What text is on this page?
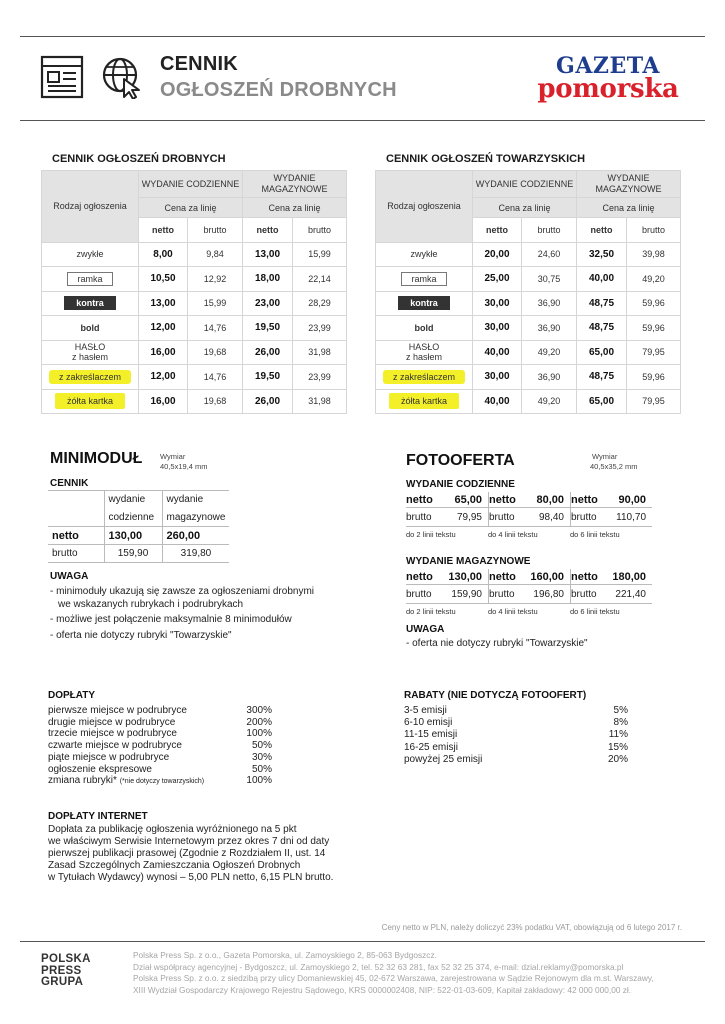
CENNIK
OGŁOSZEŃ DROBNYCH
GAZETA
pomorska
CENNIK OGŁOSZEŃ DROBNYCH
Rodzaj ogłoszenia	WYDANIE CODZIENNE		WYDANIE MAGAZYNOWE	
	Cena za linię		Cena za linię	
	netto	brutto	netto	brutto
zwykłe	8,00	9,84	13,00	15,99
ramka	10,50	12,92	18,00	22,14
kontra	13,00	15,99	23,00	28,29
bold	12,00	14,76	19,50	23,99

HASŁO
z hasłem	16,00	19,68	26,00	31,98
z zakreślaczem	12,00	14,76	19,50	23,99
żółta kartka	16,00	19,68	26,00	31,98
CENNIK OGŁOSZEŃ TOWARZYSKICH
Rodzaj ogłoszenia	WYDANIE CODZIENNE		WYDANIE MAGAZYNOWE	
	Cena za linię		Cena za linię	
	netto	brutto	netto	brutto
zwykłe	20,00	24,60	32,50	39,98
ramka	25,00	30,75	40,00	49,20
kontra	30,00	36,90	48,75	59,96
bold	30,00	36,90	48,75	59,96

HASŁO
z hasłem	40,00	49,20	65,00	79,95
z zakreślaczem	30,00	36,90	48,75	59,96
żółta kartka	40,00	49,20	65,00	79,95
MINIMODUŁ Wymiar
40,5x19,4 mm
CENNIK
	wydanie	wydanie
	codzienne	magazynowe
netto	130,00	260,00
brutto	159,90	319,80
UWAGA
- minimoduły ukazują się zawsze za ogłoszeniami drobnymi
we wskazanych rubrykach i podrubrykach
- możliwe jest połączenie maksymalnie 8 minimodułów
- oferta nie dotyczy rubryki "Towarzyskie"
FOTOOFERTA	Wymiar
40,5x35,2 mm
WYDANIE CODZIENNE
netto 65,00
brutto	79,95
do 2 linii tekstu
netto 80,00
brutto 98,40
do 4 linii tekstu
netto 90,00
brutto 110,70
do 6 linii tekstu
WYDANIE MAGAZYNOWE
netto 130,00
brutto 159,90
do 2 linii tekstu
netto 160,00
brutto 196,80
do 4 linii tekstu
netto 180,00
brutto 221,40
do 6 linii tekstu
UWAGA
- oferta nie dotyczy rubryki "Towarzyskie"
DOPŁATY
pierwsze miejsce w podrubryce	300%
drugie miejsce w podrubryce	200%
trzecie miejsce w podrubryce	100%
czwarte miejsce w podrubryce	50%
piąte miejsce w podrubryce	30%
ogłoszenie ekspresowe	50%
zmiana rubryki* (*nie dotyczy towarzyskich)	100%
RABATY (NIE DOTYCZĄ FOTOOFERT)
3-5 emisji	5%
6-10 emisji	8%
11-15 emisji	11%
16-25 emisji	15%
powyżej 25 emisji	20%
DOPŁATY INTERNET
Dopłata za publikację ogłoszenia wyróżnionego na 5 pkt
we właściwym Serwisie Internetowym przez okres 7 dni od daty
pierwszej publikacji prasowej (Zgodnie z Rozdziałem II, ust. 14
Zasad Szczególnych Zamieszczania Ogłoszeń Drobnych
w Tytułach Wydawcy) wynosi – 5,00 PLN netto, 6,15 PLN brutto.
Ceny netto w PLN, należy doliczyć 23% podatku VAT, obowiązują od 6 lutego 2017 r.
POLSKA
PRESS
GRUPA
Polska Press Sp. z o.o., Gazeta Pomorska, ul. Zamoyskiego 2, 85-063 Bydgoszcz.
Dział współpracy agencyjnej - Bydgoszcz, ul. Zamoyskiego 2, tel. 52 32 63 281, fax 52 32 25 374, e-mail: dzial.reklamy@pomorska.pl
Polska Press Sp. z o.o. z siedzibą przy ulicy Domaniewskiej 45, 02-672 Warszawa, zarejestrowana w Sądzie Rejonowym dla m.st. Warszawy,
XIII Wydział Gospodarczy Krajowego Rejestru Sądowego, KRS 0000002408, NIP: 522-01-03-609, Kapitał zakładowy: 42 000 000,00 zł.
